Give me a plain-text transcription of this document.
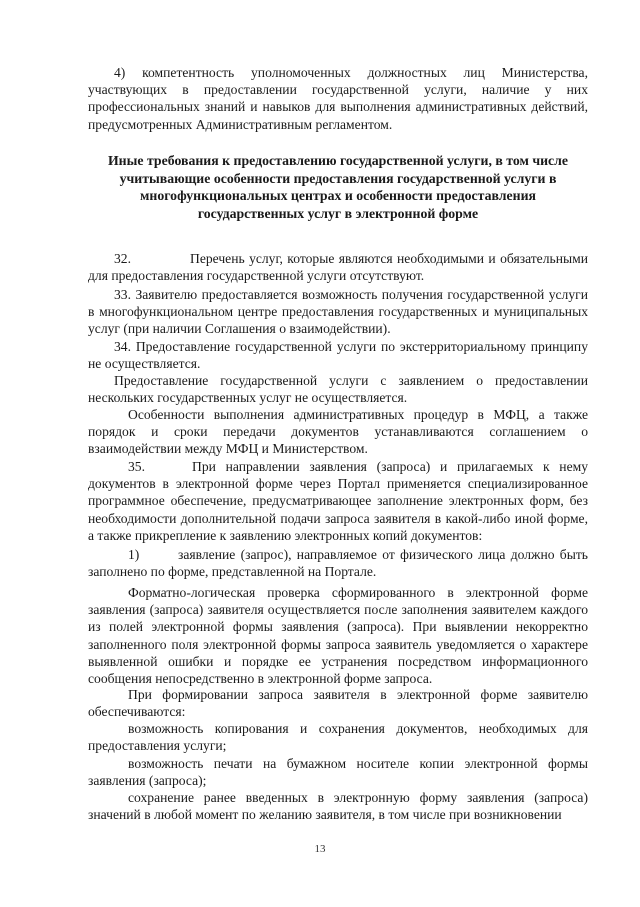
4) компетентность уполномоченных должностных лиц Министерства, участвующих в предоставлении государственной услуги, наличие у них профессиональных знаний и навыков для выполнения административных действий, предусмотренных Административным регламентом.
Иные требования к предоставлению государственной услуги, в том числе учитывающие особенности предоставления государственной услуги в многофункциональных центрах и особенности предоставления государственных услуг в электронной форме
32.	Перечень услуг, которые являются необходимыми и обязательными для предоставления государственной услуги отсутствуют.
33. Заявителю предоставляется возможность получения государственной услуги в многофункциональном центре предоставления государственных и муниципальных услуг (при наличии Соглашения о взаимодействии).
34. Предоставление государственной услуги по экстерриториальному принципу не осуществляется.
Предоставление государственной услуги с заявлением о предоставлении нескольких государственных услуг не осуществляется.
Особенности выполнения административных процедур в МФЦ, а также порядок и сроки передачи документов устанавливаются соглашением о взаимодействии между МФЦ и Министерством.
35.	При направлении заявления (запроса) и прилагаемых к нему документов в электронной форме через Портал применяется специализированное программное обеспечение, предусматривающее заполнение электронных форм, без необходимости дополнительной подачи запроса заявителя в какой-либо иной форме, а также прикрепление к заявлению электронных копий документов:
1)	заявление (запрос), направляемое от физического лица должно быть заполнено по форме, представленной на Портале.
Форматно-логическая проверка сформированного в электронной форме заявления (запроса) заявителя осуществляется после заполнения заявителем каждого из полей электронной формы заявления (запроса). При выявлении некорректно заполненного поля электронной формы запроса заявитель уведомляется о характере выявленной ошибки и порядке ее устранения посредством информационного сообщения непосредственно в электронной форме запроса.
При формировании запроса заявителя в электронной форме заявителю обеспечиваются:
возможность копирования и сохранения документов, необходимых для предоставления услуги;
возможность печати на бумажном носителе копии электронной формы заявления (запроса);
сохранение ранее введенных в электронную форму заявления (запроса) значений в любой момент по желанию заявителя, в том числе при возникновении
13
